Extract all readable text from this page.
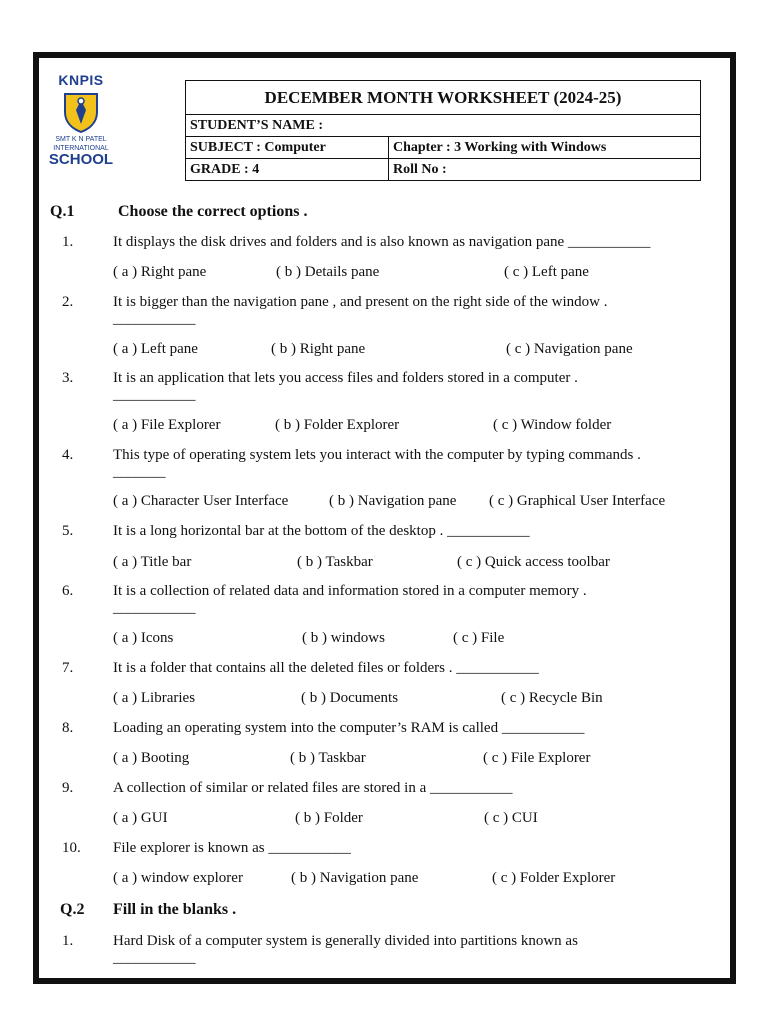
KNPIS
SMT K N PATEL
INTERNATIONAL
SCHOOL
DECEMBER MONTH WORKSHEET (2024-25)	
STUDENT’S NAME :	
SUBJECT : Computer	Chapter : 3 Working with Windows
GRADE : 4	Roll No :
Q.1	Choose the correct options .
1.	It displays the disk drives and folders and is also known as navigation pane ___________
( a ) Right pane	( b ) Details pane	( c ) Left pane
2.	It is bigger than the navigation pane , and present on the right side of the window .
___________
( a ) Left pane	( b ) Right pane	( c ) Navigation pane
3.	It is an application that lets you access files and folders stored in a computer .
___________
( a ) File Explorer	( b ) Folder Explorer	( c ) Window folder
4.	This type of operating system lets you interact with the computer by typing commands .
_______
( a ) Character User Interface	( b ) Navigation pane ( c ) Graphical User Interface
5.	It is a long horizontal bar at the bottom of the desktop . ___________
( a ) Title bar	( b ) Taskbar	( c ) Quick access toolbar
6.	It is a collection of related data and information stored in a computer memory .
___________
( a ) Icons	( b ) windows	( c ) File
7.	It is a folder that contains all the deleted files or folders . ___________
( a ) Libraries	( b ) Documents	( c ) Recycle Bin
8.	Loading an operating system into the computer’s RAM is called ___________
( a ) Booting	( b ) Taskbar	( c ) File Explorer
9.	A collection of similar or related files are stored in a ___________
( a ) GUI	( b ) Folder	( c ) CUI
10. File explorer is known as ___________
( a ) window explorer	( b ) Navigation pane	( c ) Folder Explorer
Q.2 Fill in the blanks .
1.	Hard Disk of a computer system is generally divided into partitions known as
___________
